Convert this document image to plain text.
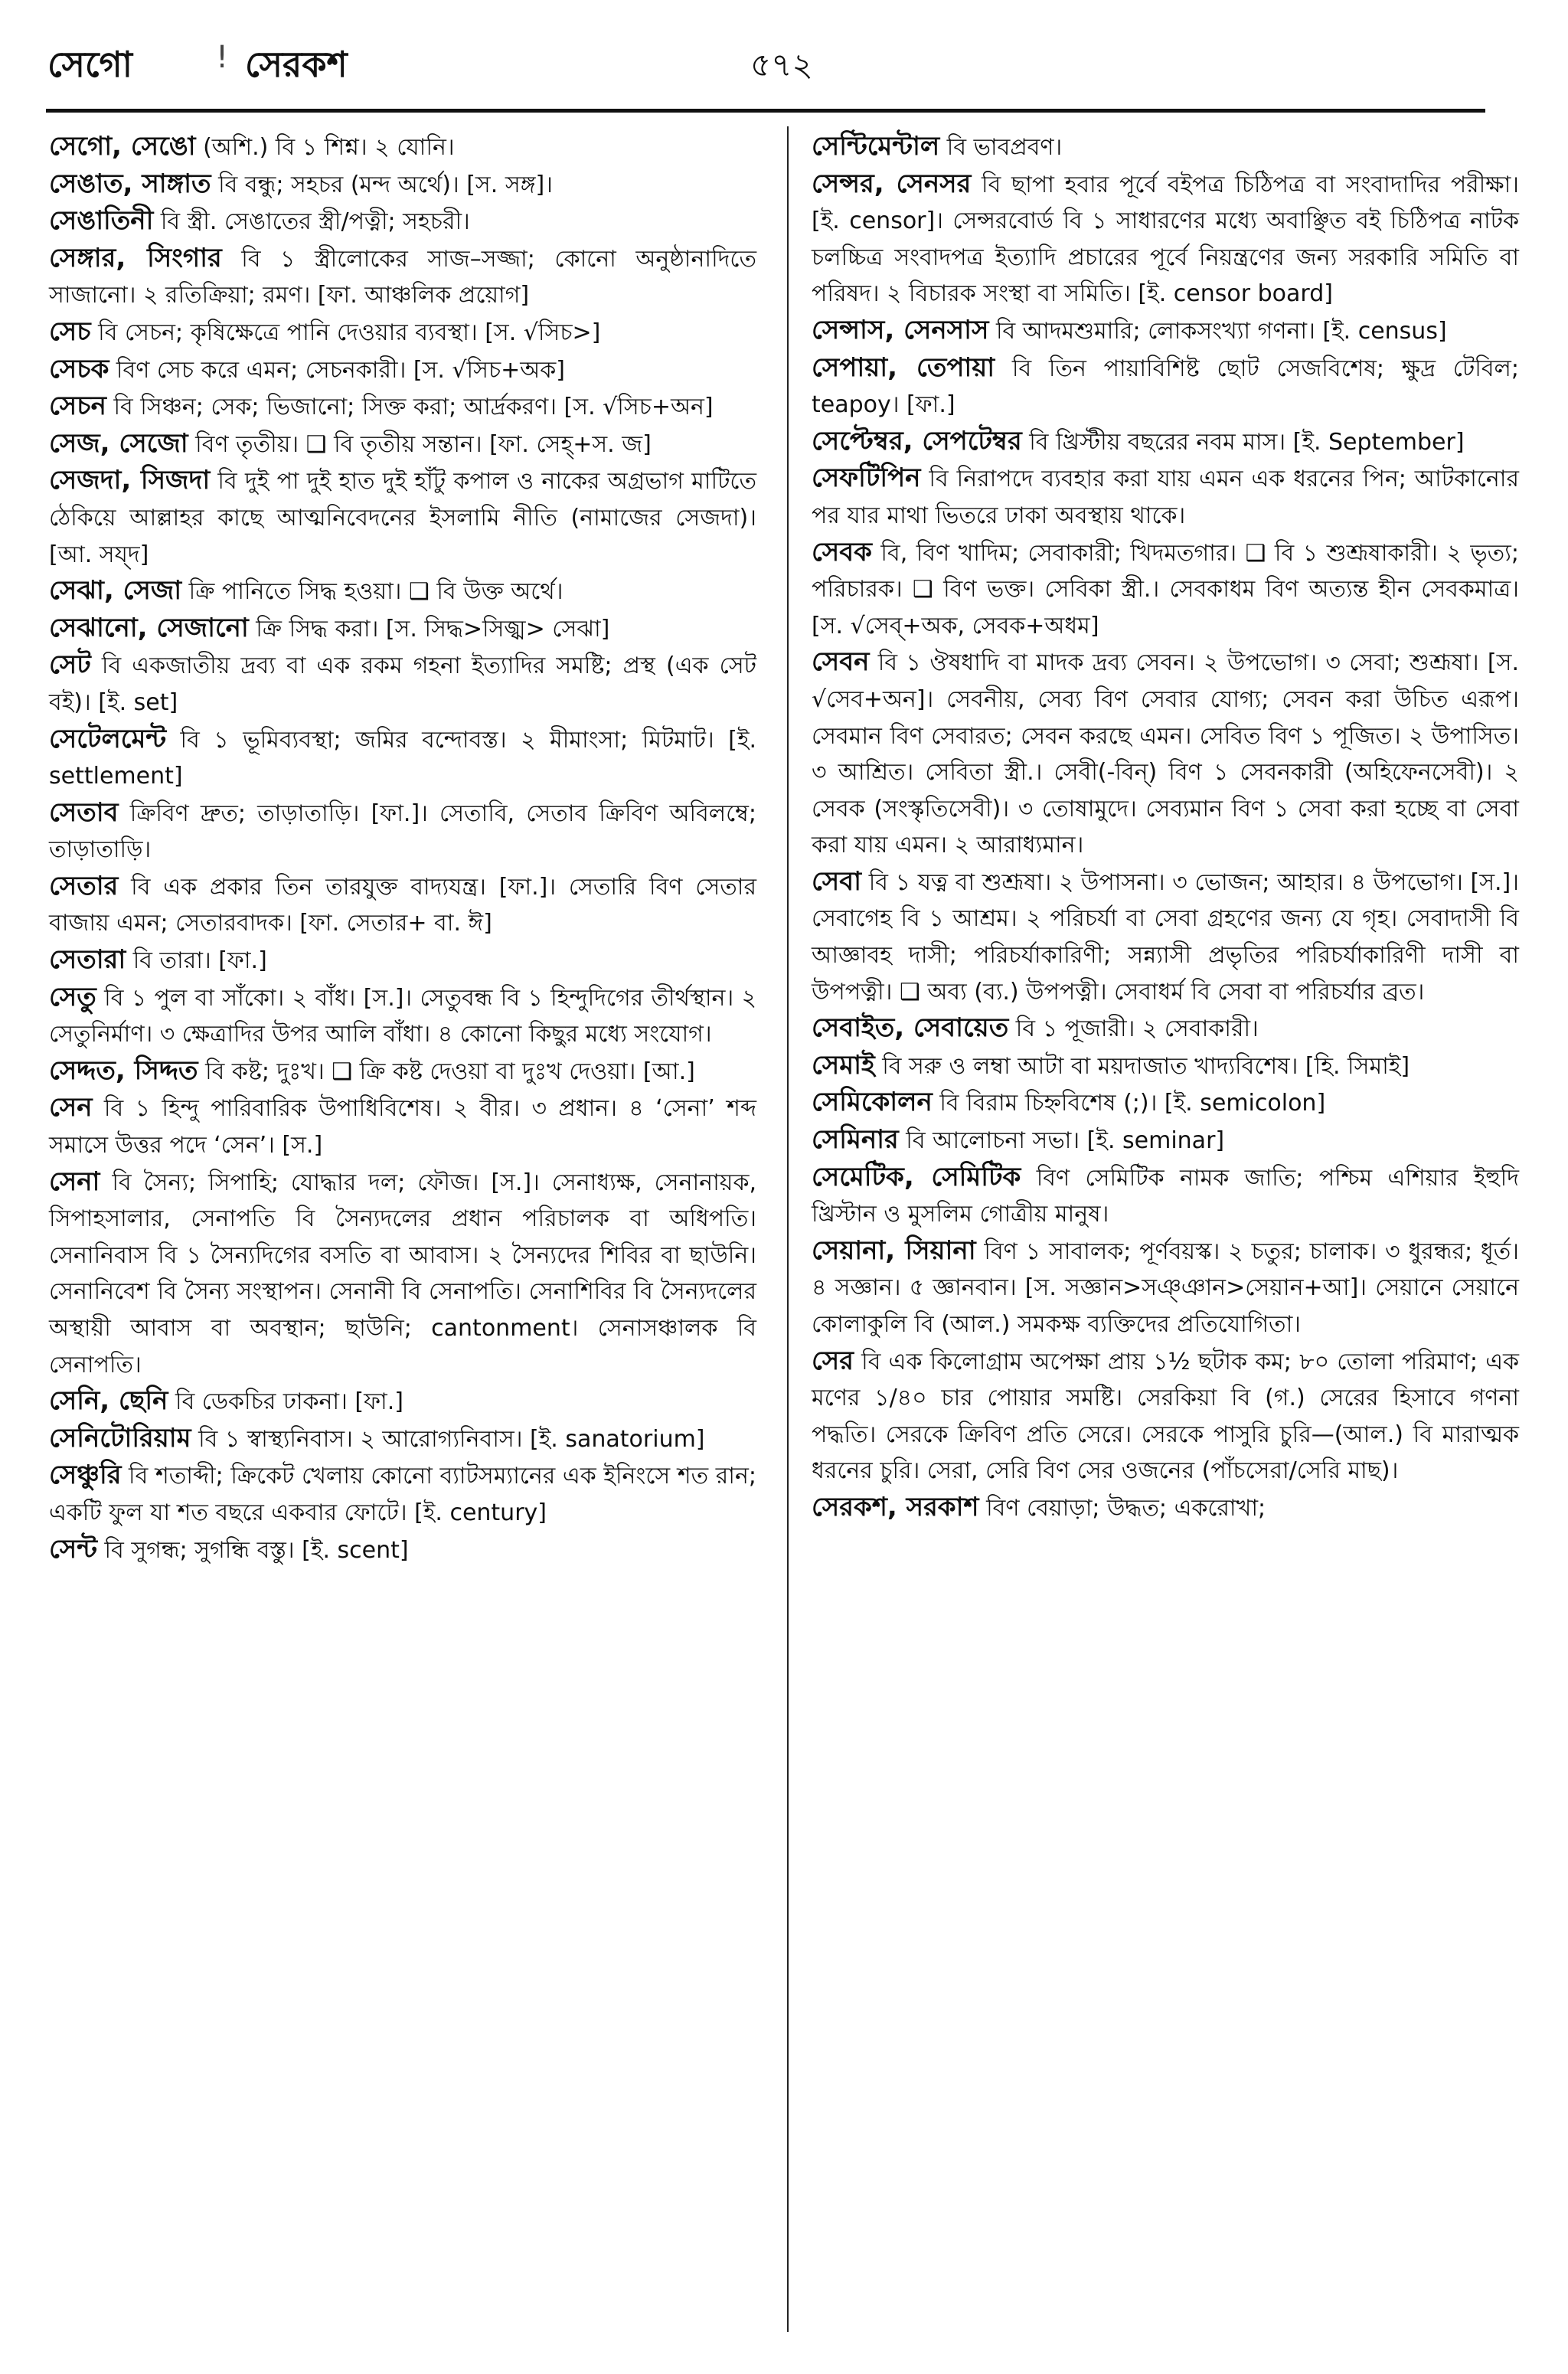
সেগো	! সেরকশ	৫৭২

সেগো, সেঙো (অশি.) বি ১ শিশ্ন। ২ যোনি।

সেঙাত, সাঙ্গাত বি বন্ধু; সহচর (মন্দ অর্থে)। [স. সঙ্গ]।

সেঙাতিনী বি স্ত্রী. সেঙাতের স্ত্রী/পত্নী; সহচরী।

সেঙ্গার, সিংগার বি ১ স্ত্রীলোকের সাজ–সজ্জা; কোনো অনুষ্ঠানাদিতে সাজানো। ২ রতিক্রিয়া; রমণ। [ফা. আঞ্চলিক প্রয়োগ]

সেচ বি সেচন; কৃষিক্ষেত্রে পানি দেওয়ার ব্যবস্থা। [স. √সিচ>]

সেচক বিণ সেচ করে এমন; সেচনকারী। [স. √সিচ+অক]

সেচন বি সিঞ্চন; সেক; ভিজানো; সিক্ত করা; আর্দ্রকরণ। [স. √সিচ+অন]

সেজ, সেজো বিণ তৃতীয়। ❑ বি তৃতীয় সন্তান। [ফা. সেহ্+স. জ]

সেজদা, সিজদা বি দুই পা দুই হাত দুই হাঁটু কপাল ও নাকের অগ্রভাগ মাটিতে ঠেকিয়ে আল্লাহর কাছে আত্মনিবেদনের ইসলামি নীতি (নামাজের সেজদা)। [আ. সয্‌দ]

সেঝা, সেজা ক্রি পানিতে সিদ্ধ হওয়া। ❑ বি উক্ত অর্থে।

সেঝানো, সেজানো ক্রি সিদ্ধ করা। [স. সিদ্ধ>সিজ্ঝ> সেঝা]

সেট বি একজাতীয় দ্রব্য বা এক রকম গহনা ইত্যাদির সমষ্টি; প্রস্থ (এক সেট বই)। [ই. set]

সেটেলমেন্ট বি ১ ভূমিব্যবস্থা; জমির বন্দোবস্ত। ২ মীমাংসা; মিটমাট। [ই. settlement]

সেতাব ক্রিবিণ দ্রুত; তাড়াতাড়ি। [ফা.]। সেতাবি, সেতাব ক্রিবিণ অবিলম্বে; তাড়াতাড়ি।

সেতার বি এক প্রকার তিন তারযুক্ত বাদ্যযন্ত্র। [ফা.]। সেতারি বিণ সেতার বাজায় এমন; সেতারবাদক। [ফা. সেতার+ বা. ঈ]

সেতারা বি তারা। [ফা.]

সেতু বি ১ পুল বা সাঁকো। ২ বাঁধ। [স.]। সেতুবন্ধ বি ১ হিন্দুদিগের তীর্থস্থান। ২ সেতুনির্মাণ। ৩ ক্ষেত্রাদির উপর আলি বাঁধা। ৪ কোনো কিছুর মধ্যে সংযোগ।

সেদ্দত, সিদ্দত বি কষ্ট; দুঃখ। ❑ ক্রি কষ্ট দেওয়া বা দুঃখ দেওয়া। [আ.]

সেন বি ১ হিন্দু পারিবারিক উপাধিবিশেষ। ২ বীর। ৩ প্রধান। ৪ ‘সেনা’ শব্দ সমাসে উত্তর পদে ‘সেন’। [স.]

সেনা বি সৈন্য; সিপাহি; যোদ্ধার দল; ফৌজ। [স.]। সেনাধ্যক্ষ, সেনানায়ক, সিপাহসালার, সেনাপতি বি সৈন্যদলের প্রধান পরিচালক বা অধিপতি। সেনানিবাস বি ১ সৈন্যদিগের বসতি বা আবাস। ২ সৈন্যদের শিবির বা ছাউনি। সেনানিবেশ বি সৈন্য সংস্থাপন। সেনানী বি সেনাপতি। সেনাশিবির বি সৈন্যদলের অস্থায়ী আবাস বা অবস্থান; ছাউনি; cantonment। সেনাসঞ্চালক বি সেনাপতি।

সেনি, ছেনি বি ডেকচির ঢাকনা। [ফা.]

সেনিটোরিয়াম বি ১ স্বাস্থ্যনিবাস। ২ আরোগ্যনিবাস। [ই. sanatorium]

সেঞ্চুরি বি শতাব্দী; ক্রিকেট খেলায় কোনো ব্যাটসম্যানের এক ইনিংসে শত রান; একটি ফুল যা শত বছরে একবার ফোটে। [ই. century]

সেন্ট বি সুগন্ধ; সুগন্ধি বস্তু। [ই. scent]

সেন্টিমেন্টাল বি ভাবপ্রবণ।

সেন্সর, সেনসর বি ছাপা হবার পূর্বে বইপত্র চিঠিপত্র বা সংবাদাদির পরীক্ষা। [ই. censor]। সেন্সরবোর্ড বি ১ সাধারণের মধ্যে অবাঞ্ছিত বই চিঠিপত্র নাটক চলচ্চিত্র সংবাদপত্র ইত্যাদি প্রচারের পূর্বে নিয়ন্ত্রণের জন্য সরকারি সমিতি বা পরিষদ। ২ বিচারক সংস্থা বা সমিতি। [ই. censor board]

সেন্সাস, সেনসাস বি আদমশুমারি; লোকসংখ্যা গণনা। [ই. census]

সেপায়া, তেপায়া বি তিন পায়াবিশিষ্ট ছোট সেজবিশেষ; ক্ষুদ্র টেবিল; teapoy। [ফা.]

সেপ্টেম্বর, সেপটেম্বর বি খ্রিস্টীয় বছরের নবম মাস। [ই. September]

সেফটিপিন বি নিরাপদে ব্যবহার করা যায় এমন এক ধরনের পিন; আটকানোর পর যার মাথা ভিতরে ঢাকা অবস্থায় থাকে।

সেবক বি, বিণ খাদিম; সেবাকারী; খিদমতগার। ❑ বি ১ শুশ্রূষাকারী। ২ ভৃত্য; পরিচারক। ❑ বিণ ভক্ত। সেবিকা স্ত্রী.। সেবকাধম বিণ অত্যন্ত হীন সেবকমাত্র। [স. √সেব্+অক, সেবক+অধম]

সেবন বি ১ ঔষধাদি বা মাদক দ্রব্য সেবন। ২ উপভোগ। ৩ সেবা; শুশ্রূষা। [স. √সেব+অন]। সেবনীয়, সেব্য বিণ সেবার যোগ্য; সেবন করা উচিত এরূপ। সেবমান বিণ সেবারত; সেবন করছে এমন। সেবিত বিণ ১ পূজিত। ২ উপাসিত। ৩ আশ্রিত। সেবিতা স্ত্রী.। সেবী(-বিন্) বিণ ১ সেবনকারী (অহিফেনসেবী)। ২ সেবক (সংস্কৃতিসেবী)। ৩ তোষামুদে। সেব্যমান বিণ ১ সেবা করা হচ্ছে বা সেবা করা যায় এমন। ২ আরাধ্যমান।

সেবা বি ১ যত্ন বা শুশ্রূষা। ২ উপাসনা। ৩ ভোজন; আহার। ৪ উপভোগ। [স.]। সেবাগেহ বি ১ আশ্রম। ২ পরিচর্যা বা সেবা গ্রহণের জন্য যে গৃহ। সেবাদাসী বি আজ্ঞাবহ দাসী; পরিচর্যাকারিণী; সন্ন্যাসী প্রভৃতির পরিচর্যাকারিণী দাসী বা উপপত্নী। ❑ অব্য (ব্য.) উপপত্নী। সেবাধর্ম বি সেবা বা পরিচর্যার ব্রত।

সেবাইত, সেবায়েত বি ১ পূজারী। ২ সেবাকারী।

সেমাই বি সরু ও লম্বা আটা বা ময়দাজাত খাদ্যবিশেষ। [হি. সিমাই]

সেমিকোলন বি বিরাম চিহ্নবিশেষ (;)। [ই. semicolon]

সেমিনার বি আলোচনা সভা। [ই. seminar]

সেমেটিক, সেমিটিক বিণ সেমিটিক নামক জাতি; পশ্চিম এশিয়ার ইহুদি খ্রিস্টান ও মুসলিম গোত্রীয় মানুষ।

সেয়ানা, সিয়ানা বিণ ১ সাবালক; পূর্ণবয়স্ক। ২ চতুর; চালাক। ৩ ধুরন্ধর; ধূর্ত। ৪ সজ্ঞান। ৫ জ্ঞানবান। [স. সজ্ঞান>সঞ্‌ঞান>সেয়ান+আ]। সেয়ানে সেয়ানে কোলাকুলি বি (আল.) সমকক্ষ ব্যক্তিদের প্রতিযোগিতা।

সের বি এক কিলোগ্রাম অপেক্ষা প্রায় ১½ ছটাক কম; ৮০ তোলা পরিমাণ; এক মণের ১/৪০ চার পোয়ার সমষ্টি। সেরকিয়া বি (গ.) সেরের হিসাবে গণনা পদ্ধতি। সেরকে ক্রিবিণ প্রতি সেরে। সেরকে পাসুরি চুরি—(আল.) বি মারাত্মক ধরনের চুরি। সেরা, সেরি বিণ সের ওজনের (পাঁচসেরা/সেরি মাছ)।

সেরকশ, সরকাশ বিণ বেয়াড়া; উদ্ধত; একরোখা;
